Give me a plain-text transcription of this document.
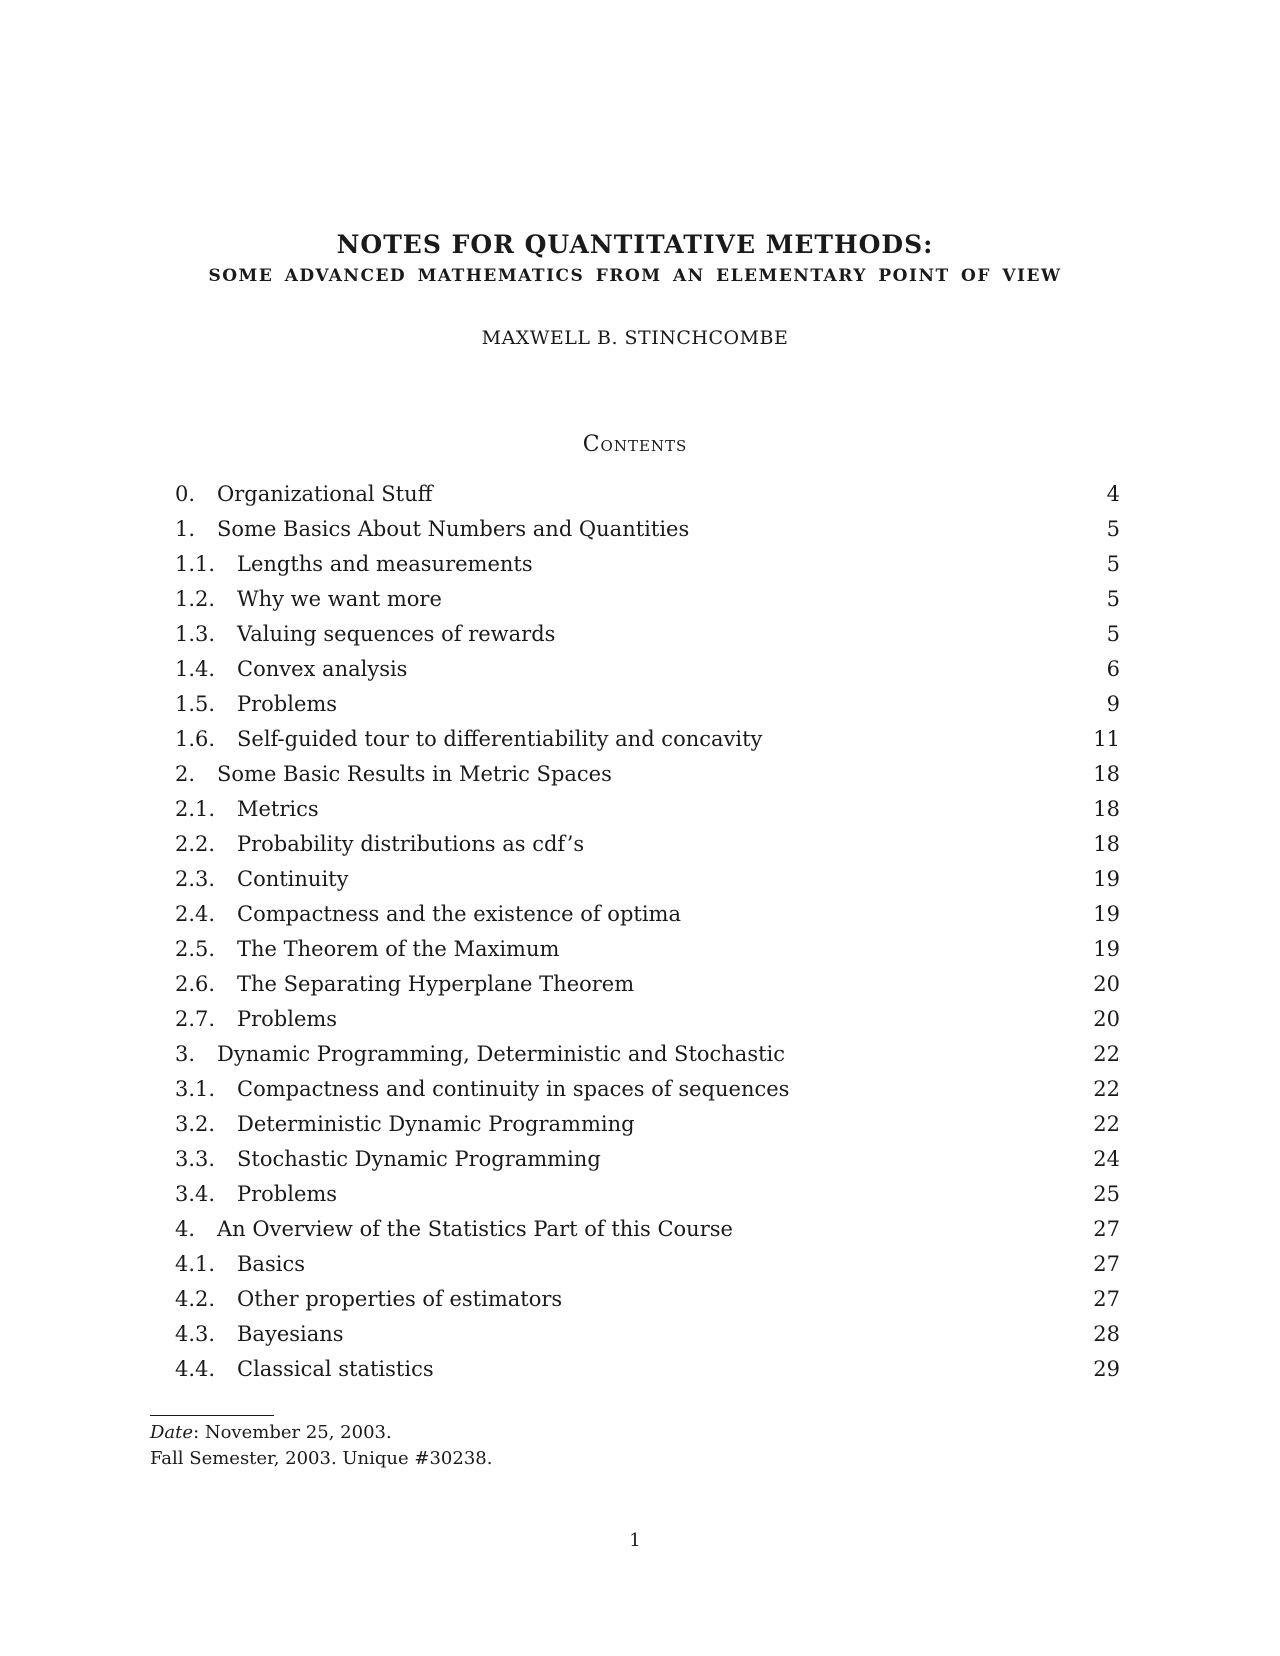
NOTES FOR QUANTITATIVE METHODS:
SOME ADVANCED MATHEMATICS FROM AN ELEMENTARY POINT OF VIEW
MAXWELL B. STINCHCOMBE
Contents
0. Organizational Stuff	4
1. Some Basics About Numbers and Quantities	5
1.1. Lengths and measurements	5
1.2. Why we want more	5
1.3. Valuing sequences of rewards	5
1.4. Convex analysis	6
1.5. Problems	9
1.6. Self-guided tour to differentiability and concavity	11
2. Some Basic Results in Metric Spaces	18
2.1. Metrics	18
2.2. Probability distributions as cdf’s	18
2.3. Continuity	19
2.4. Compactness and the existence of optima	19
2.5. The Theorem of the Maximum	19
2.6. The Separating Hyperplane Theorem	20
2.7. Problems	20
3. Dynamic Programming, Deterministic and Stochastic	22
3.1. Compactness and continuity in spaces of sequences	22
3.2. Deterministic Dynamic Programming	22
3.3. Stochastic Dynamic Programming	24
3.4. Problems	25
4. An Overview of the Statistics Part of this Course	27
4.1. Basics	27
4.2. Other properties of estimators	27
4.3. Bayesians	28
4.4. Classical statistics	29
Date: November 25, 2003.
Fall Semester, 2003. Unique #30238.
1
